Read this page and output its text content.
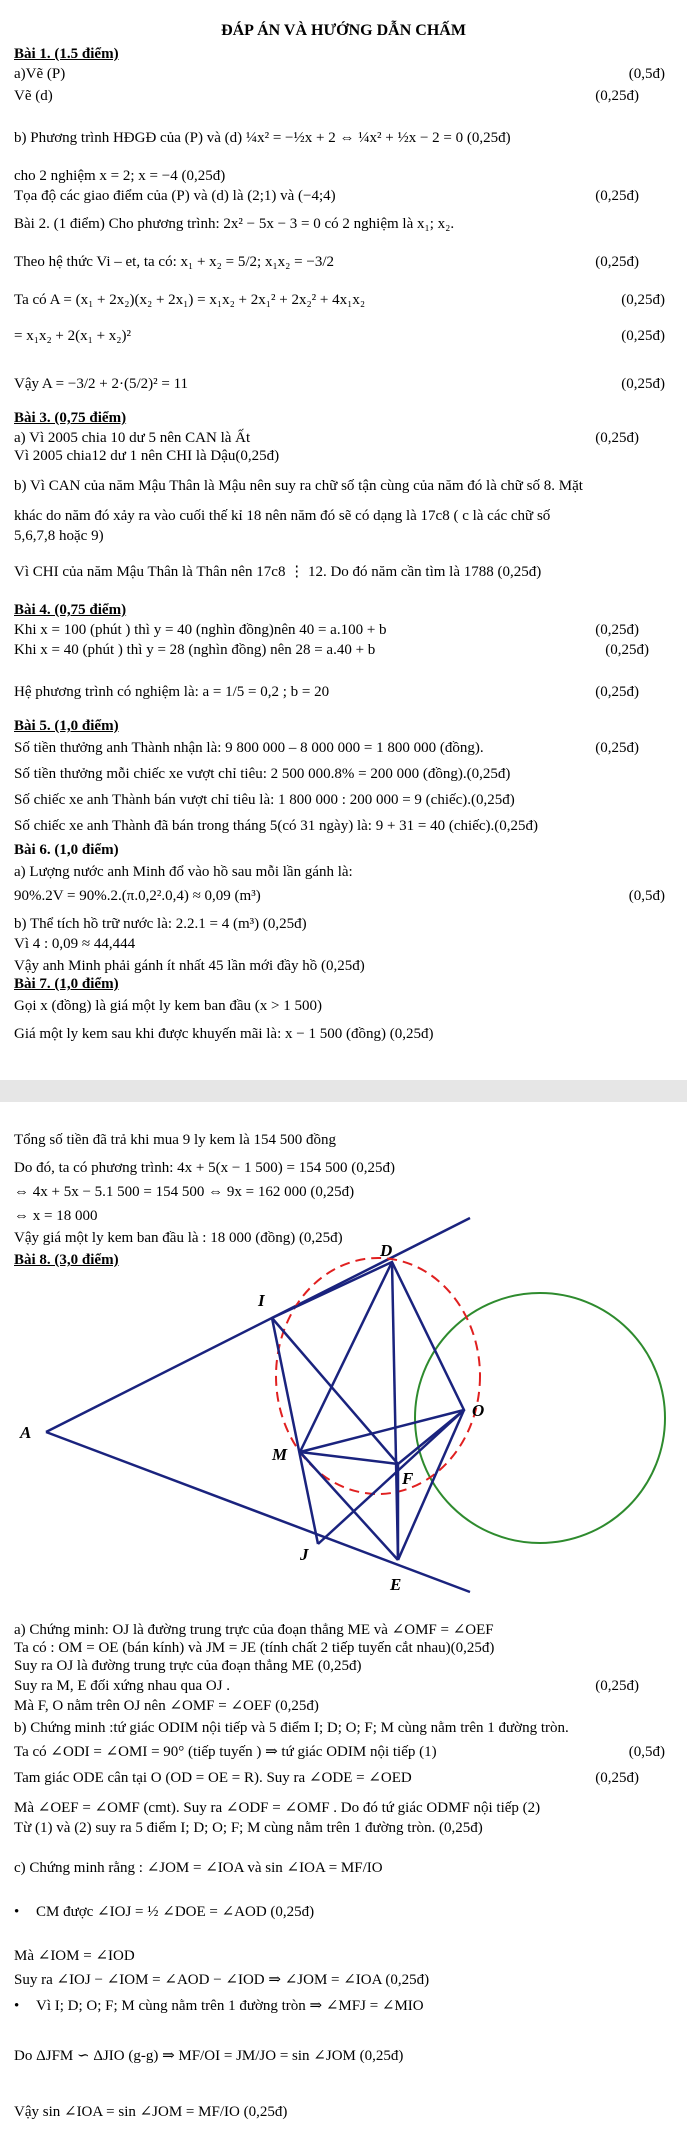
ĐÁP ÁN VÀ HƯỚNG DẪN CHẤM
Bài 1. (1.5 điểm)
a)Vẽ (P)	(0,5đ)
Vẽ (d)	(0,25đ)
b) Phương trình HĐGĐ của (P) và (d) ¼x² = −½x + 2 ⇔ ¼x² + ½x − 2 = 0 (0,25đ)
cho 2 nghiệm x = 2; x = −4 (0,25đ)
Tọa độ các giao điểm của (P) và (d) là (2;1) và (−4;4)	(0,25đ)
Bài 2. (1 điểm) Cho phương trình: 2x² − 5x − 3 = 0 có 2 nghiệm là x₁; x₂.
Theo hệ thức Vi – et, ta có: x₁ + x₂ = 5/2; x₁x₂ = −3/2	(0,25đ)
Ta có A = (x₁ + 2x₂)(x₂ + 2x₁) = x₁x₂ + 2x₁² + 2x₂² + 4x₁x₂	(0,25đ)
= x₁x₂ + 2(x₁ + x₂)²	(0,25đ)
Vậy A = −3/2 + 2·(5/2)² = 11	(0,25đ)
Bài 3. (0,75 điểm)
a) Vì 2005 chia 10 dư 5 nên CAN là Ất	(0,25đ)
Vì 2005 chia12 dư 1 nên CHI là Dậu(0,25đ)
b) Vì CAN của năm Mậu Thân là Mậu nên suy ra chữ số tận cùng của năm đó là chữ số 8. Mặt
khác do năm đó xảy ra vào cuối thế kỉ 18 nên năm đó sẽ có dạng là 17c8 ( c là các chữ số
5,6,7,8 hoặc 9)
Vì CHI của năm Mậu Thân là Thân nên 17c8 ⋮ 12. Do đó năm cần tìm là 1788 (0,25đ)
Bài 4. (0,75 điểm)
Khi x = 100 (phút ) thì y = 40 (nghìn đồng)nên 40 = a.100 + b	(0,25đ)
Khi x = 40 (phút ) thì y = 28 (nghìn đồng) nên 28 = a.40 + b	(0,25đ)
Hệ phương trình có nghiệm là: a = 1/5 = 0,2 ; b = 20	(0,25đ)
Bài 5. (1,0 điểm)
Số tiền thưởng anh Thành nhận là: 9 800 000 – 8 000 000 = 1 800 000 (đồng).	(0,25đ)
Số tiền thưởng mỗi chiếc xe vượt chỉ tiêu: 2 500 000.8% = 200 000 (đồng).(0,25đ)
Số chiếc xe anh Thành bán vượt chỉ tiêu là: 1 800 000 : 200 000 = 9 (chiếc).(0,25đ)
Số chiếc xe anh Thành đã bán trong tháng 5(có 31 ngày) là: 9 + 31 = 40 (chiếc).(0,25đ)
Bài 6. (1,0 điểm)
a) Lượng nước anh Minh đổ vào hồ sau mỗi lần gánh là:
90%.2V = 90%.2.(π.0,2².0,4) ≈ 0,09 (m³)	(0,5đ)
b) Thể tích hồ trữ nước là: 2.2.1 = 4 (m³) (0,25đ)
Vì 4 : 0,09 ≈ 44,444
Vậy anh Minh phải gánh ít nhất 45 lần mới đầy hồ (0,25đ)
Bài 7. (1,0 điểm)
Gọi x (đồng) là giá một ly kem ban đầu (x > 1 500)
Giá một ly kem sau khi được khuyến mãi là: x − 1 500 (đồng) (0,25đ)
Tổng số tiền đã trả khi mua 9 ly kem là 154 500 đồng
Do đó, ta có phương trình: 4x + 5(x − 1 500) = 154 500 (0,25đ)
⇔ 4x + 5x − 5.1 500 = 154 500 ⇔ 9x = 162 000 (0,25đ)
⇔ x = 18 000
Vậy giá một ly kem ban đầu là : 18 000 (đồng) (0,25đ)
Bài 8. (3,0 điểm)
A
I
D
M
O
F
J
E
a) Chứng minh: OJ là đường trung trực của đoạn thẳng ME và ∠OMF = ∠OEF
Ta có : OM = OE (bán kính) và JM = JE (tính chất 2 tiếp tuyến cắt nhau)(0,25đ)
Suy ra OJ là đường trung trực của đoạn thẳng ME (0,25đ)
Suy ra M, E đối xứng nhau qua OJ .	(0,25đ)
Mà F, O nằm trên OJ nên ∠OMF = ∠OEF (0,25đ)
b) Chứng minh :tứ giác ODIM nội tiếp và 5 điểm I; D; O; F; M cùng nằm trên 1 đường tròn.
Ta có ∠ODI = ∠OMI = 90° (tiếp tuyến ) ⇒ tứ giác ODIM nội tiếp (1)	(0,5đ)
Tam giác ODE cân tại O (OD = OE = R). Suy ra ∠ODE = ∠OED	(0,25đ)
Mà ∠OEF = ∠OMF (cmt). Suy ra ∠ODF = ∠OMF . Do đó tứ giác ODMF nội tiếp (2)
Từ (1) và (2) suy ra 5 điểm I; D; O; F; M cùng nằm trên 1 đường tròn. (0,25đ)
c) Chứng minh rằng : ∠JOM = ∠IOA và sin ∠IOA = MF/IO
• CM được ∠IOJ = ½ ∠DOE = ∠AOD (0,25đ)
Mà ∠IOM = ∠IOD
Suy ra ∠IOJ − ∠IOM = ∠AOD − ∠IOD ⇒ ∠JOM = ∠IOA (0,25đ)
• Vì I; D; O; F; M cùng nằm trên 1 đường tròn ⇒ ∠MFJ = ∠MIO
Do ΔJFM ∽ ΔJIO (g-g) ⇒ MF/OI = JM/JO = sin ∠JOM (0,25đ)
Vậy sin ∠IOA = sin ∠JOM = MF/IO (0,25đ)
